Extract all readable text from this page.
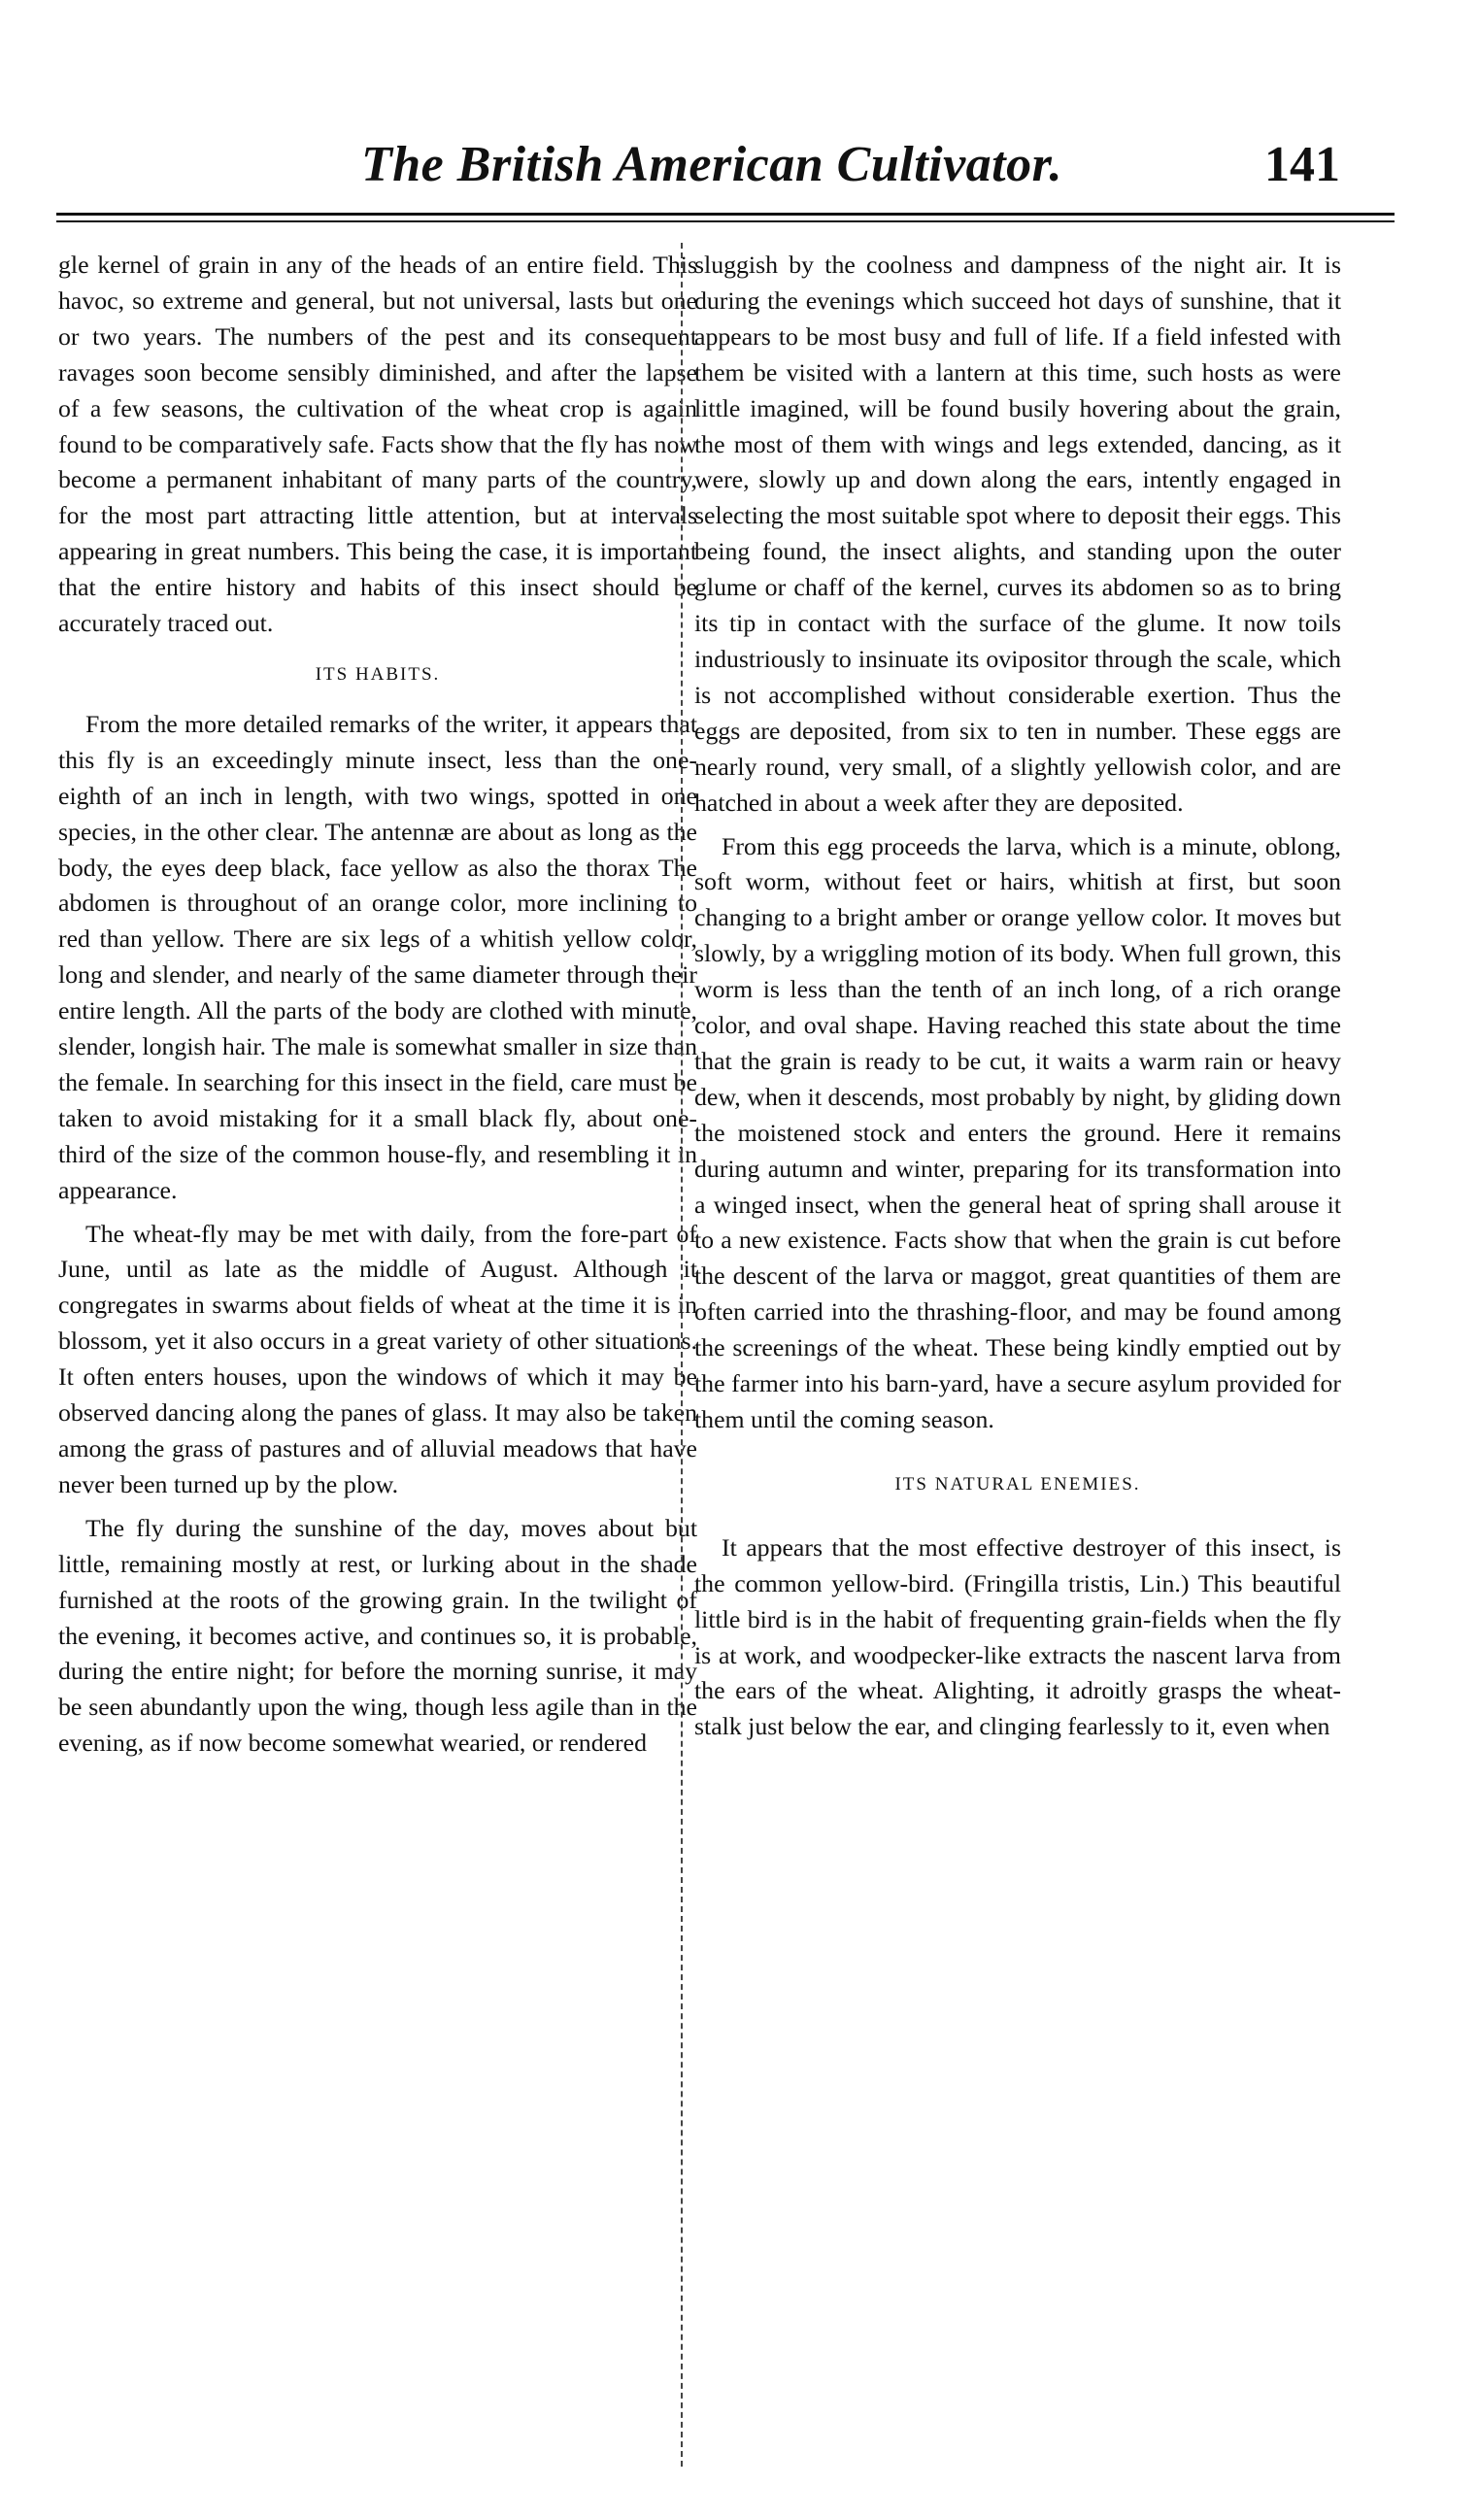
The British American Cultivator.	141

gle kernel of grain in any of the heads of an entire field. This havoc, so extreme and general, but not universal, lasts but one or two years. The numbers of the pest and its consequent ravages soon become sensibly diminished, and after the lapse of a few seasons, the cultivation of the wheat crop is again found to be comparatively safe. Facts show that the fly has now become a permanent inhabitant of many parts of the country, for the most part attracting little attention, but at intervals appearing in great numbers. This being the case, it is important that the entire history and habits of this insect should be accurately traced out.

ITS HABITS.

From the more detailed remarks of the writer, it appears that this fly is an exceedingly minute insect, less than the one-eighth of an inch in length, with two wings, spotted in one species, in the other clear. The antennæ are about as long as the body, the eyes deep black, face yellow as also the thorax The abdomen is throughout of an orange color, more inclining to red than yellow. There are six legs of a whitish yellow color, long and slender, and nearly of the same diameter through their entire length. All the parts of the body are clothed with minute, slender, longish hair. The male is somewhat smaller in size than the female. In searching for this insect in the field, care must be taken to avoid mistaking for it a small black fly, about one-third of the size of the common house-fly, and resembling it in appearance.

The wheat-fly may be met with daily, from the fore-part of June, until as late as the middle of August. Although it congregates in swarms about fields of wheat at the time it is in blossom, yet it also occurs in a great variety of other situations. It often enters houses, upon the windows of which it may be observed dancing along the panes of glass. It may also be taken among the grass of pastures and of alluvial meadows that have never been turned up by the plow.

The fly during the sunshine of the day, moves about but little, remaining mostly at rest, or lurking about in the shade furnished at the roots of the growing grain. In the twilight of the evening, it becomes active, and continues so, it is probable, during the entire night; for before the morning sunrise, it may be seen abundantly upon the wing, though less agile than in the evening, as if now become somewhat wearied, or rendered

sluggish by the coolness and dampness of the night air. It is during the evenings which succeed hot days of sunshine, that it appears to be most busy and full of life. If a field infested with them be visited with a lantern at this time, such hosts as were little imagined, will be found busily hovering about the grain, the most of them with wings and legs extended, dancing, as it were, slowly up and down along the ears, intently engaged in selecting the most suitable spot where to deposit their eggs. This being found, the insect alights, and standing upon the outer glume or chaff of the kernel, curves its abdomen so as to bring its tip in contact with the surface of the glume. It now toils industriously to insinuate its ovipositor through the scale, which is not accomplished without considerable exertion. Thus the eggs are deposited, from six to ten in number. These eggs are nearly round, very small, of a slightly yellowish color, and are hatched in about a week after they are deposited.

From this egg proceeds the larva, which is a minute, oblong, soft worm, without feet or hairs, whitish at first, but soon changing to a bright amber or orange yellow color. It moves but slowly, by a wriggling motion of its body. When full grown, this worm is less than the tenth of an inch long, of a rich orange color, and oval shape. Having reached this state about the time that the grain is ready to be cut, it waits a warm rain or heavy dew, when it descends, most probably by night, by gliding down the moistened stock and enters the ground. Here it remains during autumn and winter, preparing for its transformation into a winged insect, when the general heat of spring shall arouse it to a new existence. Facts show that when the grain is cut before the descent of the larva or maggot, great quantities of them are often carried into the thrashing-floor, and may be found among the screenings of the wheat. These being kindly emptied out by the farmer into his barn-yard, have a secure asylum provided for them until the coming season.

ITS NATURAL ENEMIES.

It appears that the most effective destroyer of this insect, is the common yellow-bird. (Fringilla tristis, Lin.) This beautiful little bird is in the habit of frequenting grain-fields when the fly is at work, and woodpecker-like extracts the nascent larva from the ears of the wheat. Alighting, it adroitly grasps the wheat-stalk just below the ear, and clinging fearlessly to it, even when
